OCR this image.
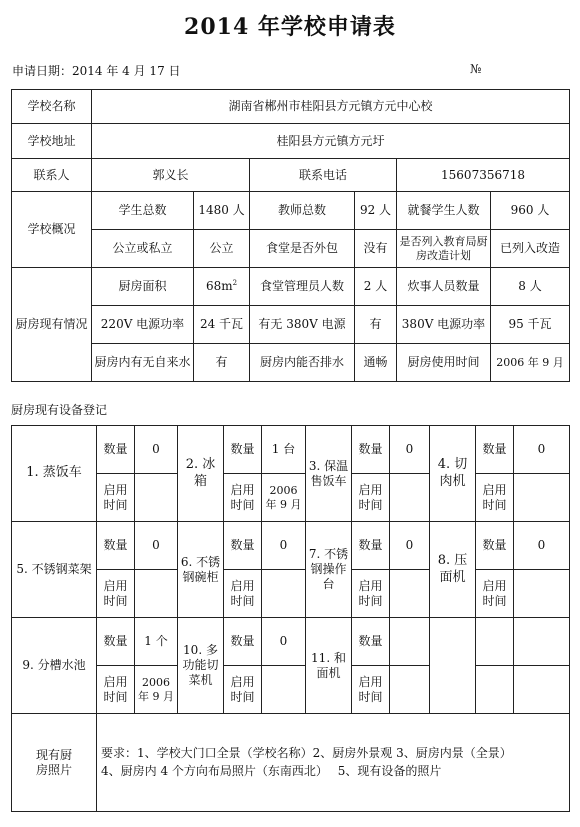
2014 年学校申请表
申请日期：2014 年 4 月 17 日	№
学校名称	湖南省郴州市桂阳县方元镇方元中心校					
学校地址	桂阳县方元镇方元圩					
联系人	郭义长		联系电话		15607356718	
学校概况	学生总数	1480 人	教师总数	92 人	就餐学生人数	960 人
	公立或私立	公立	食堂是否外包	没有	是否列入教育局厨房改造计划	已列入改造
厨房现有情况	厨房面积	$68m^2$	食堂管理员人数	2 人	炊事人员数量	8 人
	220V 电源功率	24 千瓦	有无 380V 电源	有	380V 电源功率	95 千瓦
	厨房内有无自来水	有	厨房内能否排水	通畅	厨房使用时间	2006 年 9 月
厨房现有设备登记
1. 蒸饭车	数量	0	2. 冰箱	数量	1 台	3. 保温售饭车	数量	0	4. 切肉机	数量	0
	启用时间			启用时间	2006 年 9 月		启用时间			启用时间	
5. 不锈钢菜架	数量	0	6. 不锈钢碗柜	数量	0	7. 不锈钢操作台	数量	0	8. 压面机	数量	0
	启用时间			启用时间			启用时间			启用时间	
9. 分槽水池	数量	1 个	10. 多功能切菜机	数量	0	11. 和面机	数量				
	启用时间	2006 年 9 月		启用时间			启用时间				
现有厨房照片	要求：1、学校大门口全景（学校名称）2、厨房外景观 3、厨房内景（全景）
4、厨房内 4 个方向布局照片（东南西北）　 5、现有设备的照片										
